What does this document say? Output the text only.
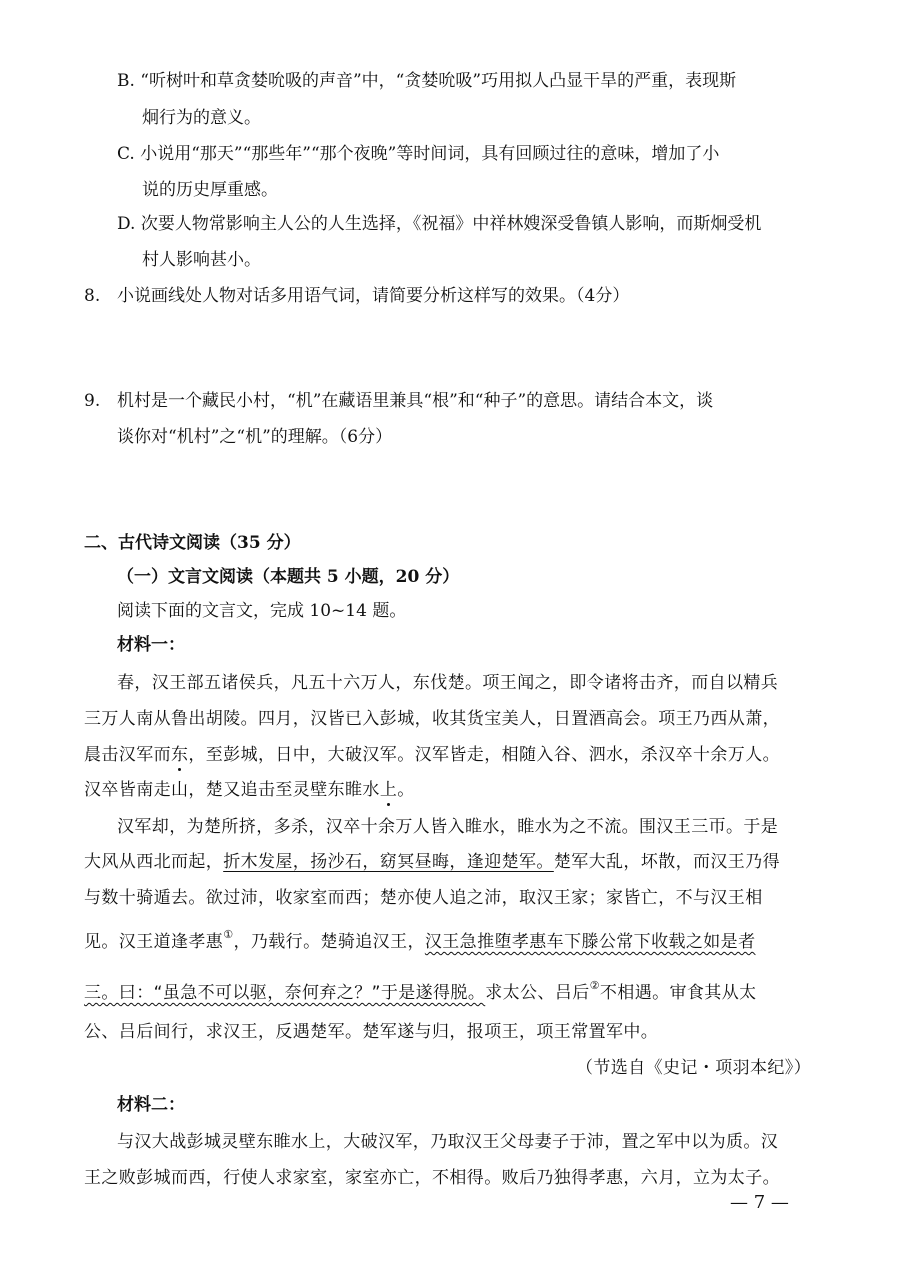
B. “听树叶和草贪婪吮吸的声音”中，“贪婪吮吸”巧用拟人凸显干旱的严重，表现斯
炯行为的意义。
C. 小说用“那天”“那些年”“那个夜晚”等时间词，具有回顾过往的意味，增加了小
说的历史厚重感。
D. 次要人物常影响主人公的人生选择，《祝福》中祥林嫂深受鲁镇人影响，而斯炯受机
村人影响甚小。
8. 小说画线处人物对话多用语气词，请简要分析这样写的效果。（4分）
9. 机村是一个藏民小村，“机”在藏语里兼具“根”和“种子”的意思。请结合本文，谈
谈你对“机村”之“机”的理解。（6分）
二、古代诗文阅读（35 分）
（一）文言文阅读（本题共 5 小题，20 分）
阅读下面的文言文，完成 10~14 题。
材料一：
春，汉王部五诸侯兵，凡五十六万人，东伐楚。项王闻之，即令诸将击齐，而自以精兵
三万人南从鲁出胡陵。四月，汉皆已入彭城，收其货宝美人，日置酒高会。项王乃西从萧，
晨击汉军而东，至彭城，日中，大破汉军。汉军皆走，相随入谷、泗水，杀汉卒十余万人。
汉卒皆南走山，楚又追击至灵壁东睢水上。
汉军却，为楚所挤，多杀，汉卒十余万人皆入睢水，睢水为之不流。围汉王三帀。于是
大风从西北而起，折木发屋，扬沙石，窈冥昼晦，逢迎楚军。楚军大乱，坏散，而汉王乃得
与数十骑遁去。欲过沛，收家室而西；楚亦使人追之沛，取汉王家；家皆亡，不与汉王相
见。汉王道逢孝惠①，乃载行。楚骑追汉王，汉王急推堕孝惠车下滕公常下收载之如是者
三。曰：“虽急不可以驱，奈何弃之？”于是遂得脱。求太公、吕后②不相遇。审食其从太
公、吕后间行，求汉王，反遇楚军。楚军遂与归，报项王，项王常置军中。
（节选自《史记・项羽本纪》）
材料二：
与汉大战彭城灵壁东睢水上，大破汉军，乃取汉王父母妻子于沛，置之军中以为质。汉
王之败彭城而西，行使人求家室，家室亦亡，不相得。败后乃独得孝惠，六月，立为太子。
— 7 —
